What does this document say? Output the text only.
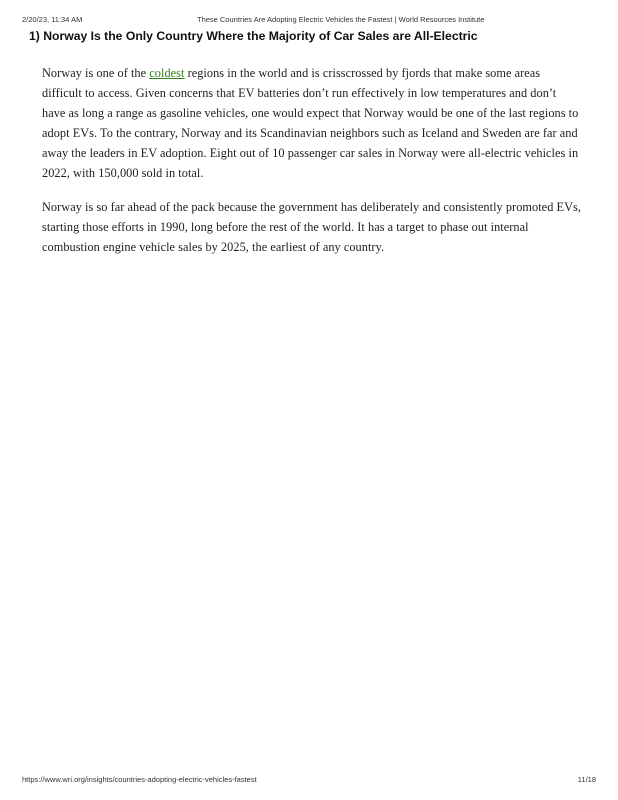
2/20/23, 11:34 AM	These Countries Are Adopting Electric Vehicles the Fastest | World Resources Institute
1) Norway Is the Only Country Where the Majority of Car Sales are All-Electric

Norway is one of the coldest regions in the world and is crisscrossed by fjords that make some areas difficult to access. Given concerns that EV batteries don’t run effectively in low temperatures and don’t have as long a range as gasoline vehicles, one would expect that Norway would be one of the last regions to adopt EVs. To the contrary, Norway and its Scandinavian neighbors such as Iceland and Sweden are far and away the leaders in EV adoption. Eight out of 10 passenger car sales in Norway were all-electric vehicles in 2022, with 150,000 sold in total.

Norway is so far ahead of the pack because the government has deliberately and consistently promoted EVs, starting those efforts in 1990, long before the rest of the world. It has a target to phase out internal combustion engine vehicle sales by 2025, the earliest of any country.

https://www.wri.org/insights/countries-adopting-electric-vehicles-fastest	11/18
